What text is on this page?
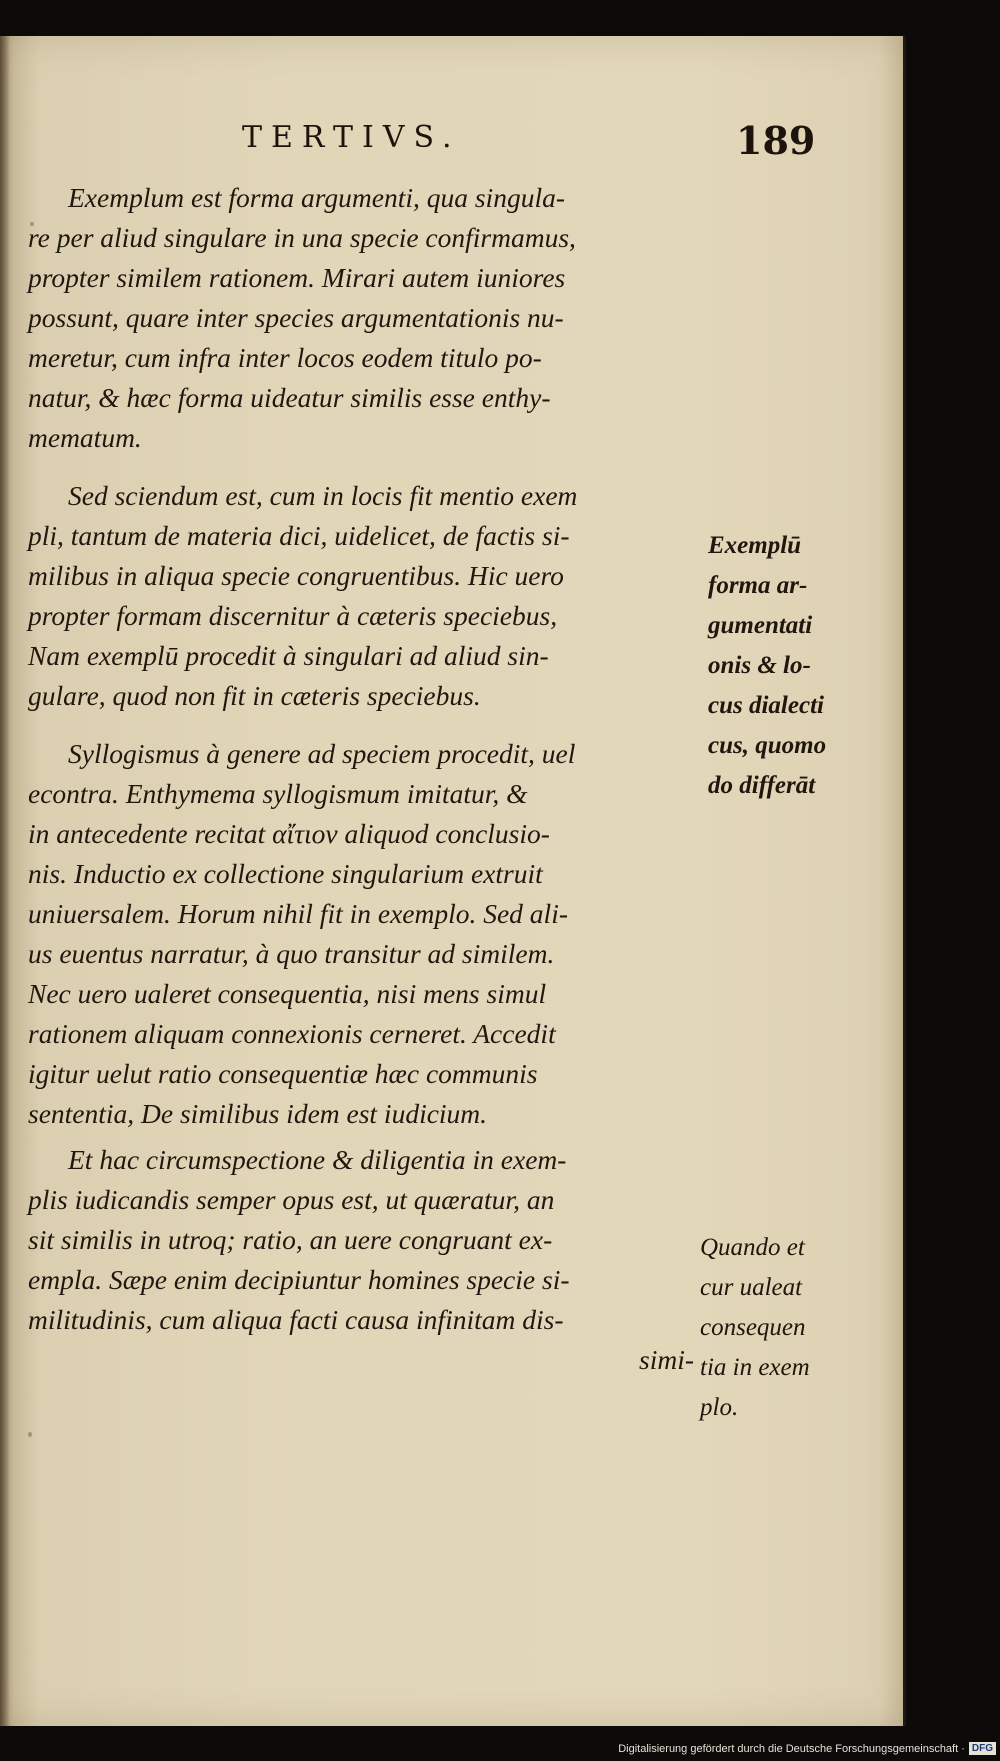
TERTIVS.	189
Exemplum est forma argumenti, qua singula-
re per aliud singulare in una specie confirmamus,
propter similem rationem. Mirari autem iuniores
possunt, quare inter species argumentationis nu-
meretur, cum infra inter locos eodem titulo po-
natur, & hæc forma uideatur similis esse enthy-
mematum.
Sed sciendum est, cum in locis fit mentio exem
pli, tantum de materia dici, uidelicet, de factis si-
milibus in aliqua specie congruentibus. Hic uero
propter formam discernitur à cæteris speciebus,
Nam exemplū procedit à singulari ad aliud sin-
gulare, quod non fit in cæteris speciebus.
Syllogismus à genere ad speciem procedit, uel
econtra. Enthymema syllogismum imitatur, &
in antecedente recitat αἴτιον aliquod conclusio-
nis. Inductio ex collectione singularium extruit
uniuersalem. Horum nihil fit in exemplo. Sed ali-
us euentus narratur, à quo transitur ad similem.
Nec uero ualeret consequentia, nisi mens simul
rationem aliquam connexionis cerneret. Accedit
igitur uelut ratio consequentiæ hæc communis
sententia, De similibus idem est iudicium.
Et hac circumspectione & diligentia in exem-
plis iudicandis semper opus est, ut quæratur, an
sit similis in utroq; ratio, an uere congruant ex-
empla. Sæpe enim decipiuntur homines specie si-
militudinis, cum aliqua facti causa infinitam dis-
simi-
Exemplū
forma ar-
gumentati
onis & lo-
cus dialecti
cus, quomo
do differāt
Quando et
cur ualeat
consequen
tia in exem
plo.
Digitalisierung gefördert durch die Deutsche Forschungsgemeinschaft · DFG
